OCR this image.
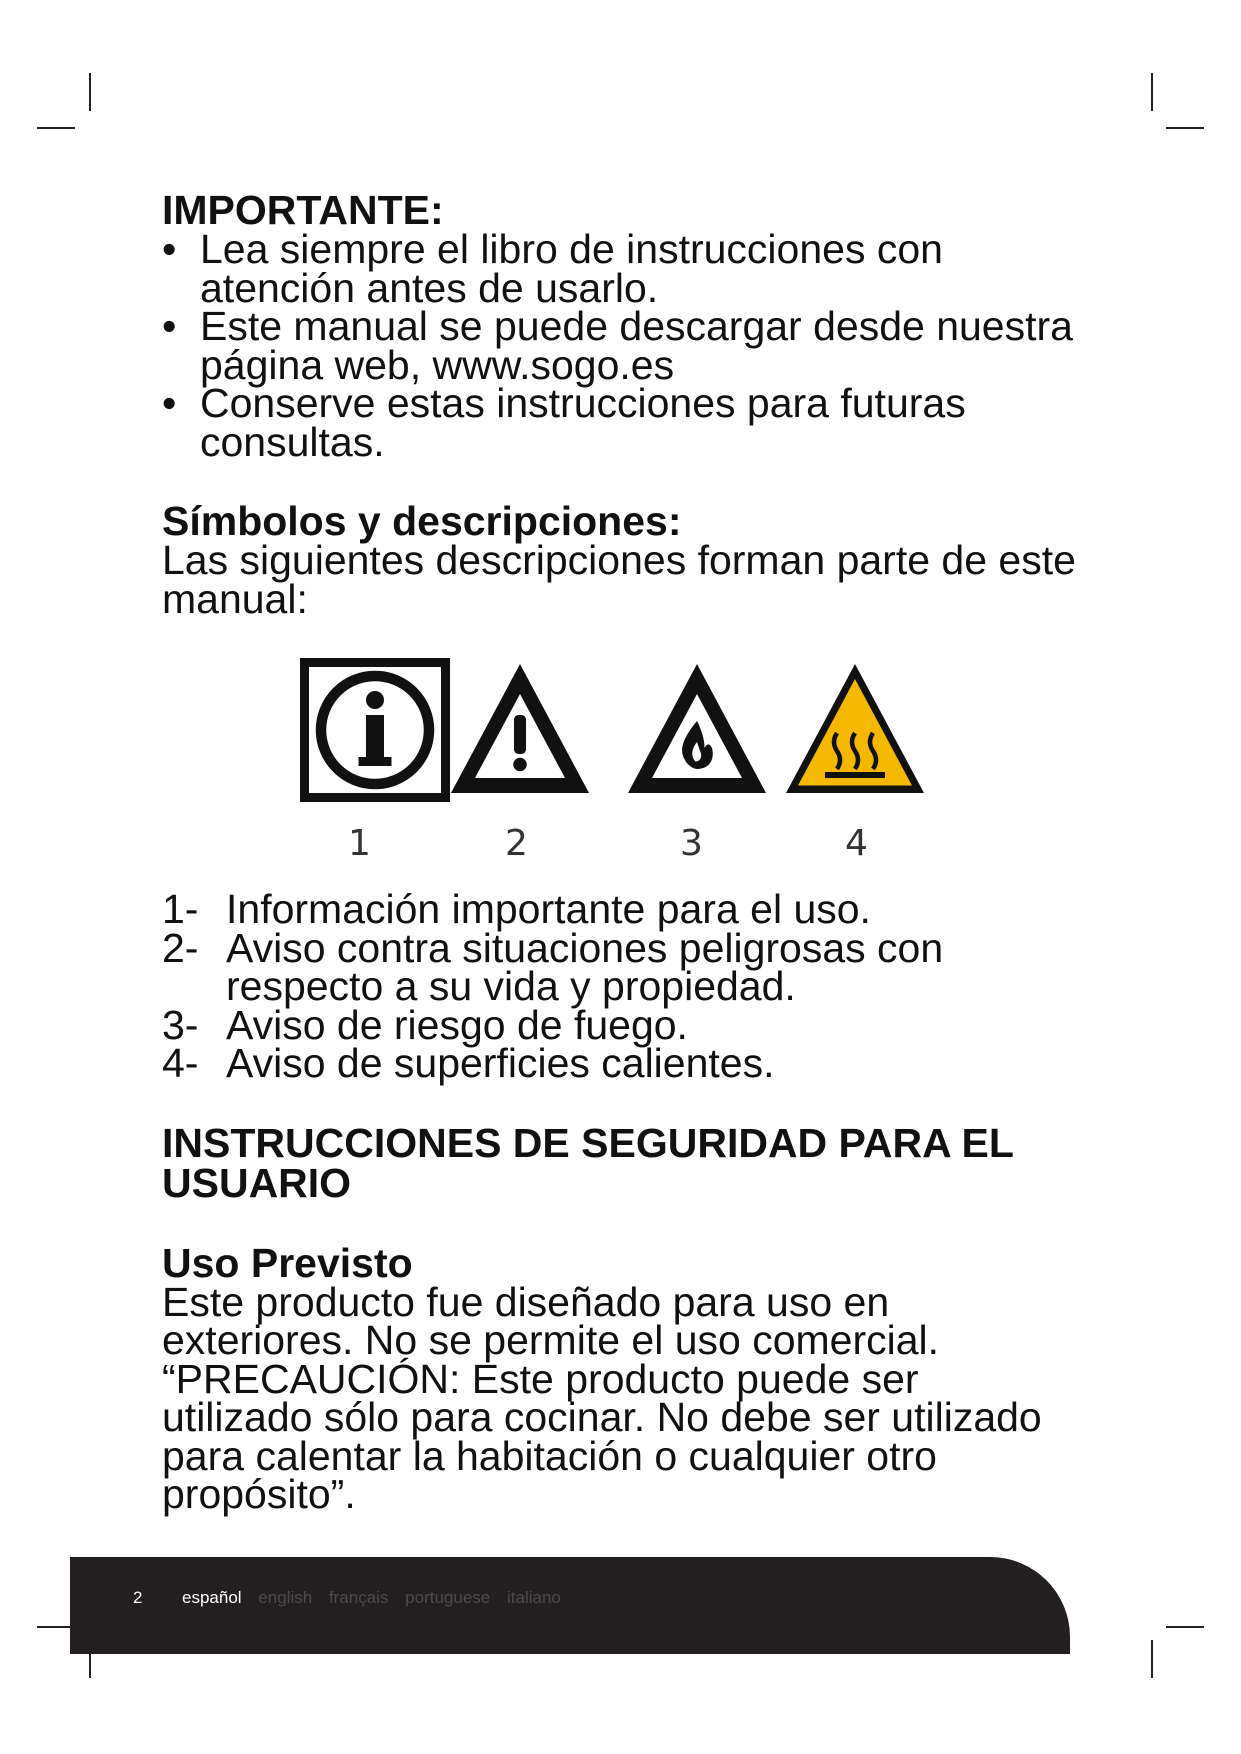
IMPORTANTE:
• Lea siempre el libro de instrucciones con atención antes de usarlo.
• Este manual se puede descargar desde nuestra página web, www.sogo.es
• Conserve estas instrucciones para futuras consultas.
Símbolos y descripciones:

Las siguientes descripciones forman parte de este manual:

1- Información importante para el uso.
2- Aviso contra situaciones peligrosas con respecto a su vida y propiedad.
3- Aviso de riesgo de fuego.
4- Aviso de superficies calientes.
INSTRUCCIONES DE SEGURIDAD PARA EL USUARIO
Uso Previsto

Este producto fue diseñado para uso en exteriores. No se permite el uso comercial. “PRECAUCIÓN: Este producto puede ser utilizado sólo para cocinar. No debe ser utilizado para calentar la habitación o cualquier otro propósito”.

1	2	3	4
2 español english français portuguese italiano
